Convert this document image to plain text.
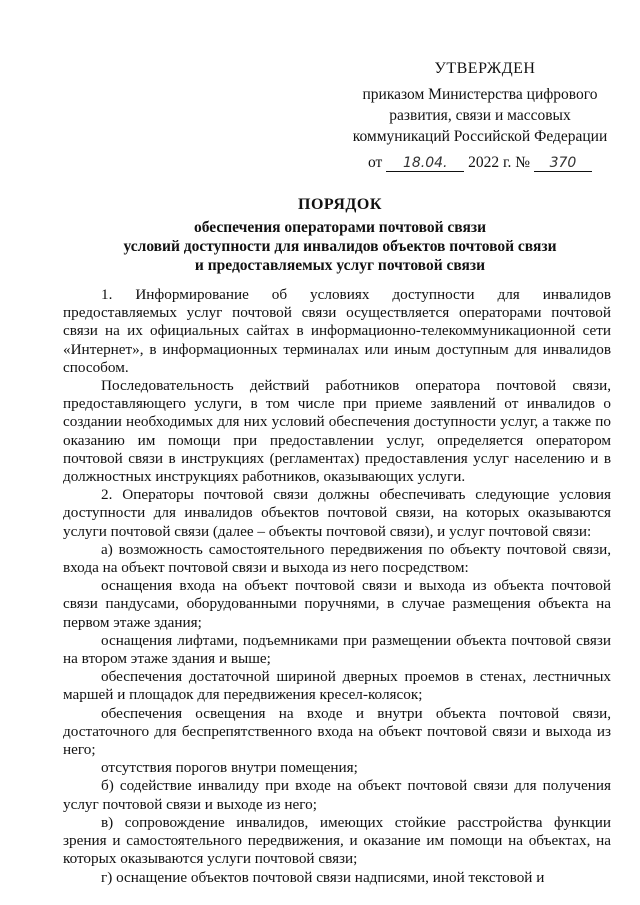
УТВЕРЖДЕН
приказом Министерства цифрового
развития, связи и массовых
коммуникаций Российской Федерации
от 18.04. 2022 г. № 370
ПОРЯДОК
обеспечения операторами почтовой связи
условий доступности для инвалидов объектов почтовой связи
и предоставляемых услуг почтовой связи

1. Информирование об условиях доступности для инвалидов предоставляемых услуг почтовой связи осуществляется операторами почтовой связи на их официальных сайтах в информационно-телекоммуникационной сети «Интернет», в информационных терминалах или иным доступным для инвалидов способом.

Последовательность действий работников оператора почтовой связи, предоставляющего услуги, в том числе при приеме заявлений от инвалидов о создании необходимых для них условий обеспечения доступности услуг, а также по оказанию им помощи при предоставлении услуг, определяется оператором почтовой связи в инструкциях (регламентах) предоставления услуг населению и в должностных инструкциях работников, оказывающих услуги.

2. Операторы почтовой связи должны обеспечивать следующие условия доступности для инвалидов объектов почтовой связи, на которых оказываются услуги почтовой связи (далее – объекты почтовой связи), и услуг почтовой связи:

а) возможность самостоятельного передвижения по объекту почтовой связи, входа на объект почтовой связи и выхода из него посредством:

оснащения входа на объект почтовой связи и выхода из объекта почтовой связи пандусами, оборудованными поручнями, в случае размещения объекта на первом этаже здания;

оснащения лифтами, подъемниками при размещении объекта почтовой связи на втором этаже здания и выше;

обеспечения достаточной шириной дверных проемов в стенах, лестничных маршей и площадок для передвижения кресел-колясок;

обеспечения освещения на входе и внутри объекта почтовой связи, достаточного для беспрепятственного входа на объект почтовой связи и выхода из него;

отсутствия порогов внутри помещения;

б) содействие инвалиду при входе на объект почтовой связи для получения услуг почтовой связи и выходе из него;

в) сопровождение инвалидов, имеющих стойкие расстройства функции зрения и самостоятельного передвижения, и оказание им помощи на объектах, на которых оказываются услуги почтовой связи;

г) оснащение объектов почтовой связи надписями, иной текстовой и
